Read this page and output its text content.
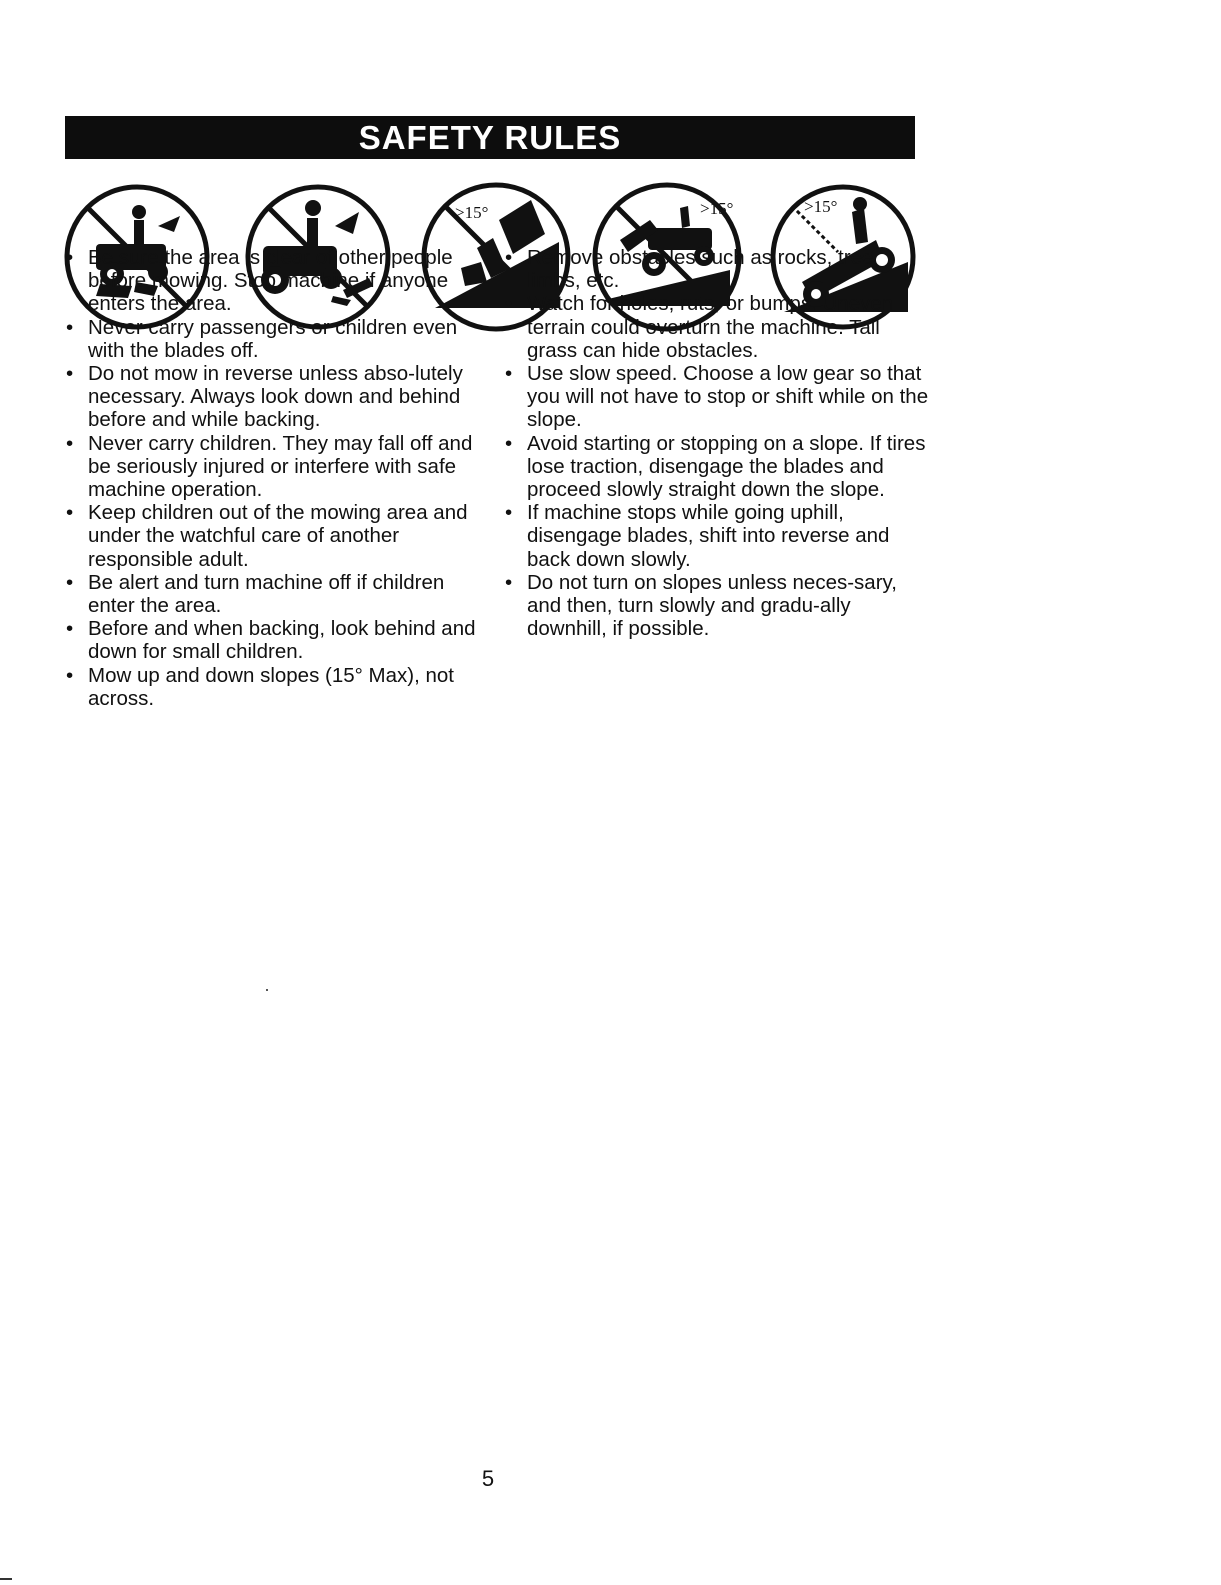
SAFETY RULES
>15°	>15°	>15°
• Be sure the area is clear of other people before mowing. Stop machine if anyone enters the area.
• Never carry passengers or children even with the blades off.
• Do not mow in reverse unless abso-lutely necessary. Always look down and behind before and while backing.
• Never carry children. They may fall off and be seriously injured or interfere with safe machine operation.
• Keep children out of the mowing area and under the watchful care of another responsible adult.
• Be alert and turn machine off if children enter the area.
• Before and when backing, look behind and down for small children.
• Mow up and down slopes (15° Max), not across.
• Remove obstacles such as rocks, tree limbs, etc.
• Watch for holes, ruts, or bumps. Uneven terrain could overturn the machine. Tall grass can hide obstacles.
• Use slow speed. Choose a low gear so that you will not have to stop or shift while on the slope.
• Avoid starting or stopping on a slope. If tires lose traction, disengage the blades and proceed slowly straight down the slope.
• If machine stops while going uphill, disengage blades, shift into reverse and back down slowly.
• Do not turn on slopes unless neces-sary, and then, turn slowly and gradu-ally downhill, if possible.
5
